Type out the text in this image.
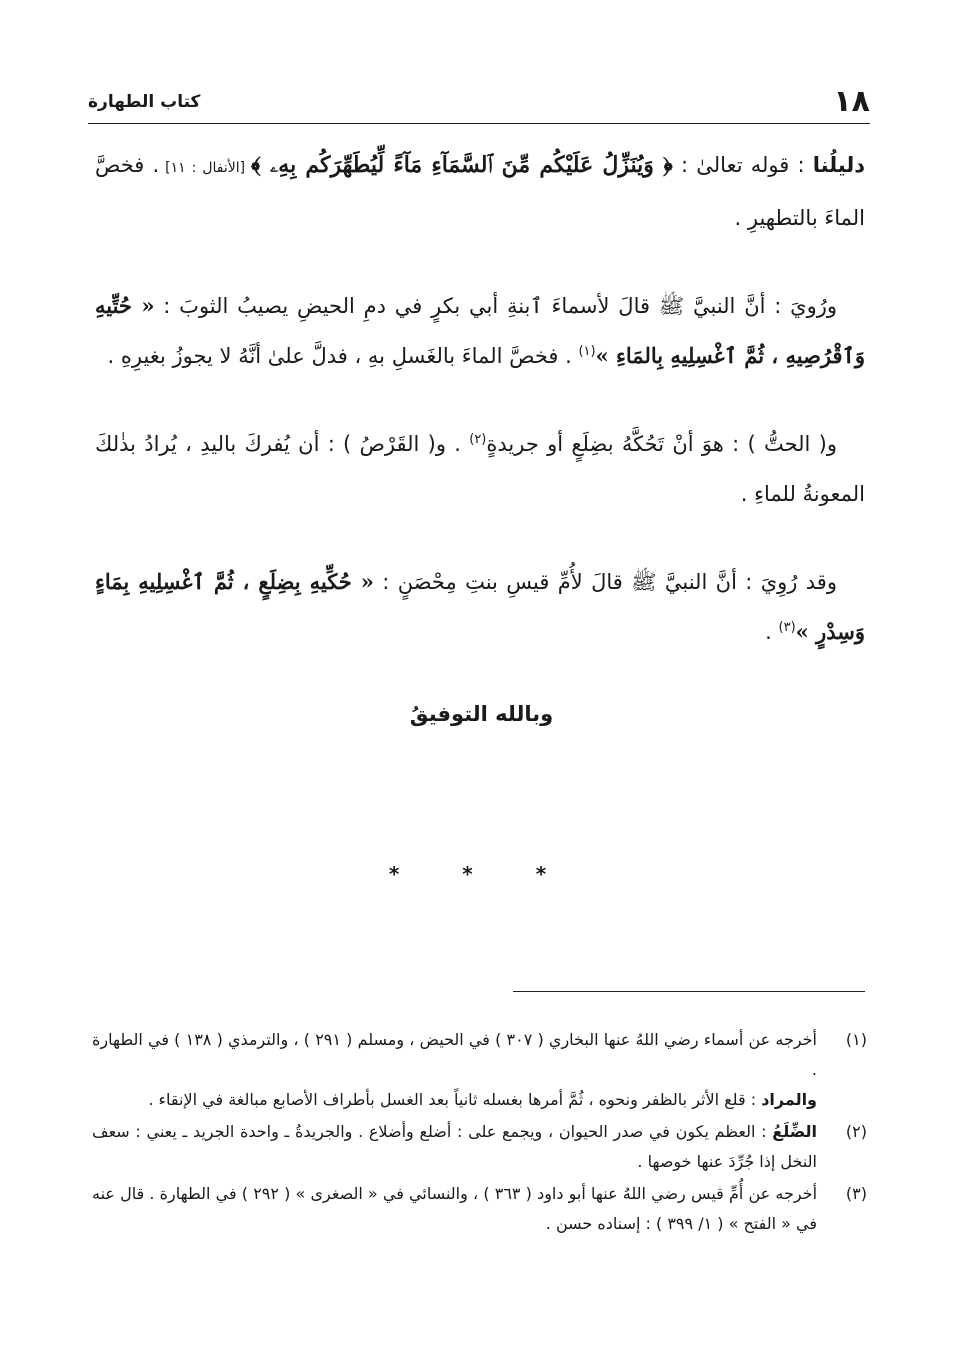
١٨
كتاب الطهارة

دليلُنا : قوله تعالىٰ : ﴿ وَيُنَزِّلُ عَلَيْكُم مِّنَ ٱلسَّمَآءِ مَآءً لِّيُطَهِّرَكُم بِهِۦ ﴾ [الأنفال : ١١] . فخصَّ الماءَ بالتطهيرِ .

ورُويَ : أنَّ النبيَّ ﷺ قالَ لأسماءَ ٱبنةِ أبي بكرٍ في دمِ الحيضِ يصيبُ الثوبَ : « حُتِّيهِ وَٱقْرُصِيهِ ، ثُمَّ ٱغْسِلِيهِ بِالمَاءِ »$^{(١)}$ . فخصَّ الماءَ بالغَسلِ بهِ ، فدلَّ علىٰ أنَّهُ لا يجوزُ بغيرِهِ .

و( الحتُّ ) : هوَ أنْ تَحُكَّهُ بضِلَعٍ أو جريدةٍ$^{(٢)}$ . و( القَرْصُ ) : أن يُفركَ باليدِ ، يُرادُ بذٰلكَ المعونةُ للماءِ .

وقد رُوِيَ : أنَّ النبيَّ ﷺ قالَ لأُمِّ قيسِ بنتِ مِحْصَنٍ : « حُكِّيهِ بِضِلَعٍ ، ثُمَّ ٱغْسِلِيهِ بِمَاءٍ وَسِدْرٍ »$^{(٣)}$ .

وبالله التوفيقُ
* * *
(١)

أخرجه عن أسماء رضي اللهُ عنها البخاري ( ٣٠٧ ) في الحيض ، ومسلم ( ٢٩١ ) ، والترمذي ( ١٣٨ ) في الطهارة .

والمراد : قلع الأثر بالظفر ونحوه ، ثُمَّ أمرها بغسله ثانياً بعد الغسل بأطراف الأصابع مبالغة في الإنقاء .

(٢)

الضِّلَعُ : العظم يكون في صدر الحيوان ، ويجمع على : أضلع وأضلاع . والجريدةُ ـ واحدة الجريد ـ يعني : سعف النخل إذا جُرِّدَ عنها خوصها .

(٣)

أخرجه عن أُمِّ قيس رضي اللهُ عنها أبو داود ( ٣٦٣ ) ، والنسائي في « الصغرى » ( ٢٩٢ ) في الطهارة . قال عنه في « الفتح » ( ١/ ٣٩٩ ) : إسناده حسن .
